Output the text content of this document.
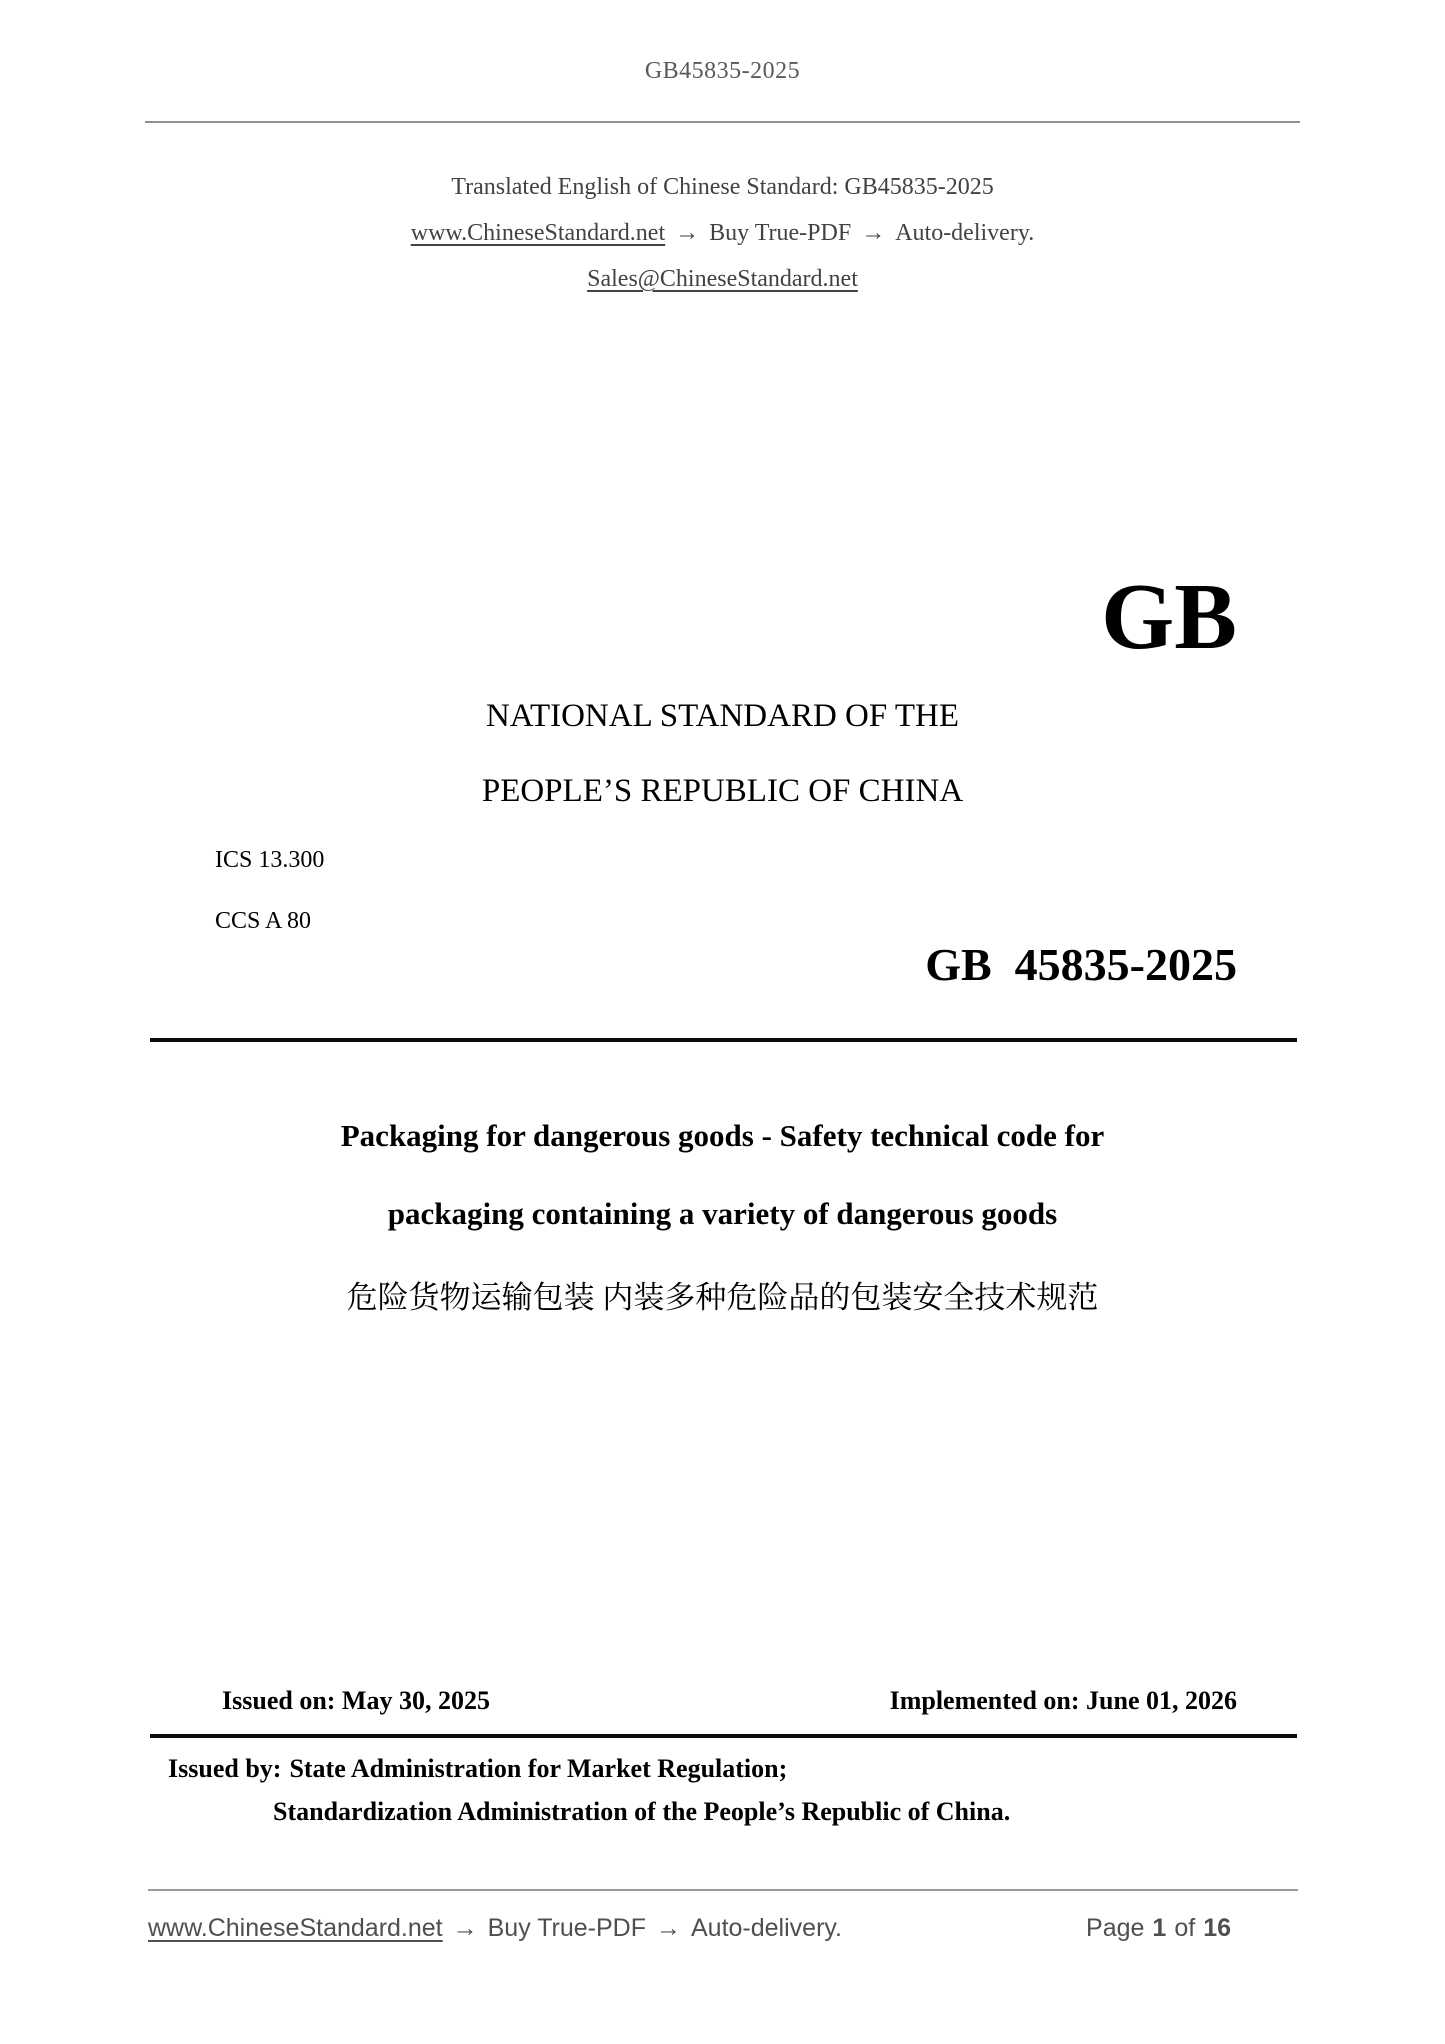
GB45835-2025
Translated English of Chinese Standard: GB45835-2025
www.ChineseStandard.net → Buy True-PDF → Auto-delivery.
Sales@ChineseStandard.net
GB
NATIONAL STANDARD OF THE
PEOPLE’S REPUBLIC OF CHINA
ICS 13.300
CCS A 80
GB  45835-2025
Packaging for dangerous goods - Safety technical code for
packaging containing a variety of dangerous goods
危险货物运输包装 内装多种危险品的包装安全技术规范
Issued on: May 30, 2025	Implemented on: June 01, 2026
Issued by: State Administration for Market Regulation;
Standardization Administration of the People’s Republic of China.
www.ChineseStandard.net → Buy True-PDF → Auto-delivery.	Page 1 of 16
